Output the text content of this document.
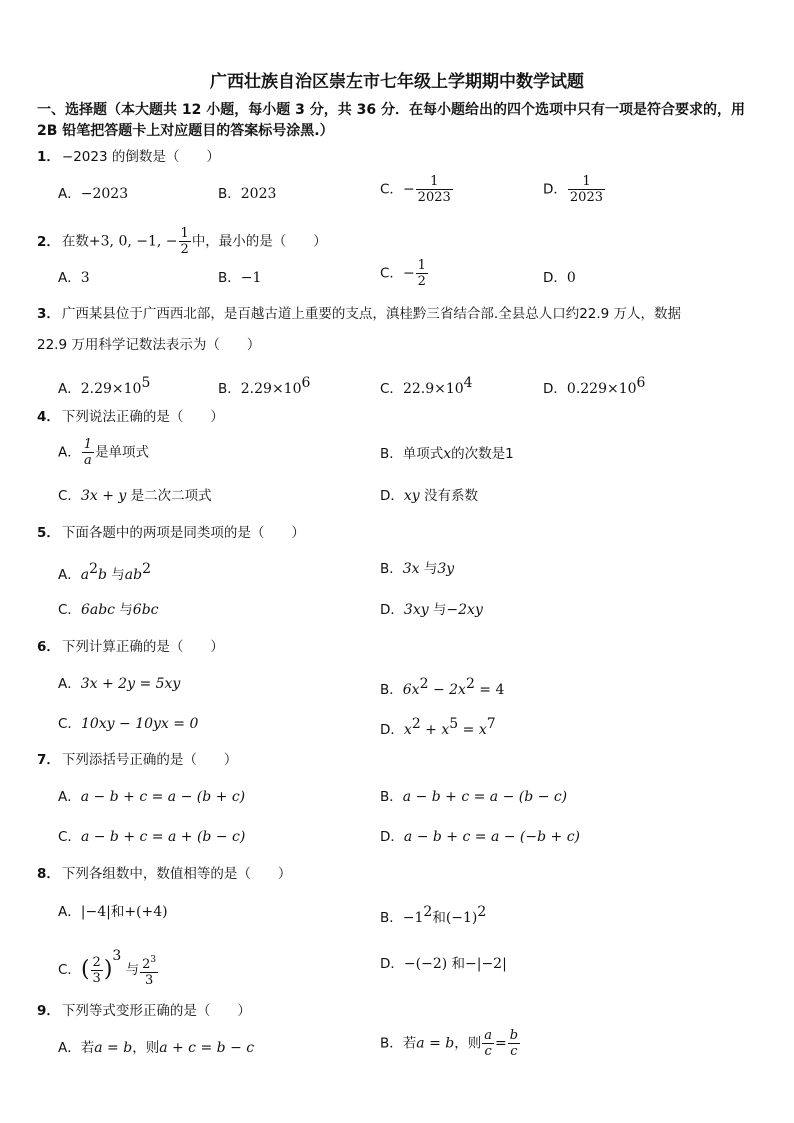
广西壮族自治区崇左市七年级上学期期中数学试题
一、选择题（本大题共 12 小题，每小题 3 分，共 36 分．在每小题给出的四个选项中只有一项是符合要求的，用 2B 铅笔把答题卡上对应题目的答案标号涂黑.）
1． −2023 的倒数是（　　）
A．−2023	B．2023	C．− $\frac{1}{2023}$	D． $\frac{1}{2023}$
2． 在数+3, 0, −1, − $\frac{1}{2}$ 中，最小的是（　　）
A．3	B．−1	C．− $\frac{1}{2}$	D．0
3． 广西某县位于广西西北部，是百越古道上重要的支点，滇桂黔三省结合部.全县总人口约22.9 万人，数据
22.9 万用科学记数法表示为（　　）
A．$2.29\times 10^5$	B．$2.29\times 10^6$	C．$22.9\times 10^4$	D．$0.229\times 10^6$
4． 下列说法正确的是（　　）
A． $\frac{1}{a}$ 是单项式	B．单项式x的次数是1
C．3x + y 是二次二项式	D．xy 没有系数
5． 下面各题中的两项是同类项的是（　　）
A．$a^2b$ 与$ab^2$	B．3x 与3y
C．6abc 与6bc	D．3xy 与−2xy
6． 下列计算正确的是（　　）
A．3x + 2y = 5xy	B．$6x^2 - 2x^2 = 4$
C．10xy − 10yx = 0	D．$x^2 + x^5 = x^7$
7． 下列添括号正确的是（　　）
A．a − b + c = a − (b + c)	B．a − b + c = a − (b − c)
C．a − b + c = a + (b − c)	D．a − b + c = a − (−b + c)
8． 下列各组数中，数值相等的是（　　）
A．|−4|和+(+4)	B．$-1^2$和$(-1)^2$
C．( $\frac{2}{3} )^3$ 与 $\frac{2^3}{3}$	D．−(−2) 和−|−2|
9． 下列等式变形正确的是（　　）
A．若a = b，则a + c = b − c	B．若a = b，则 $\frac{a}{c} = \frac{b}{c}$
